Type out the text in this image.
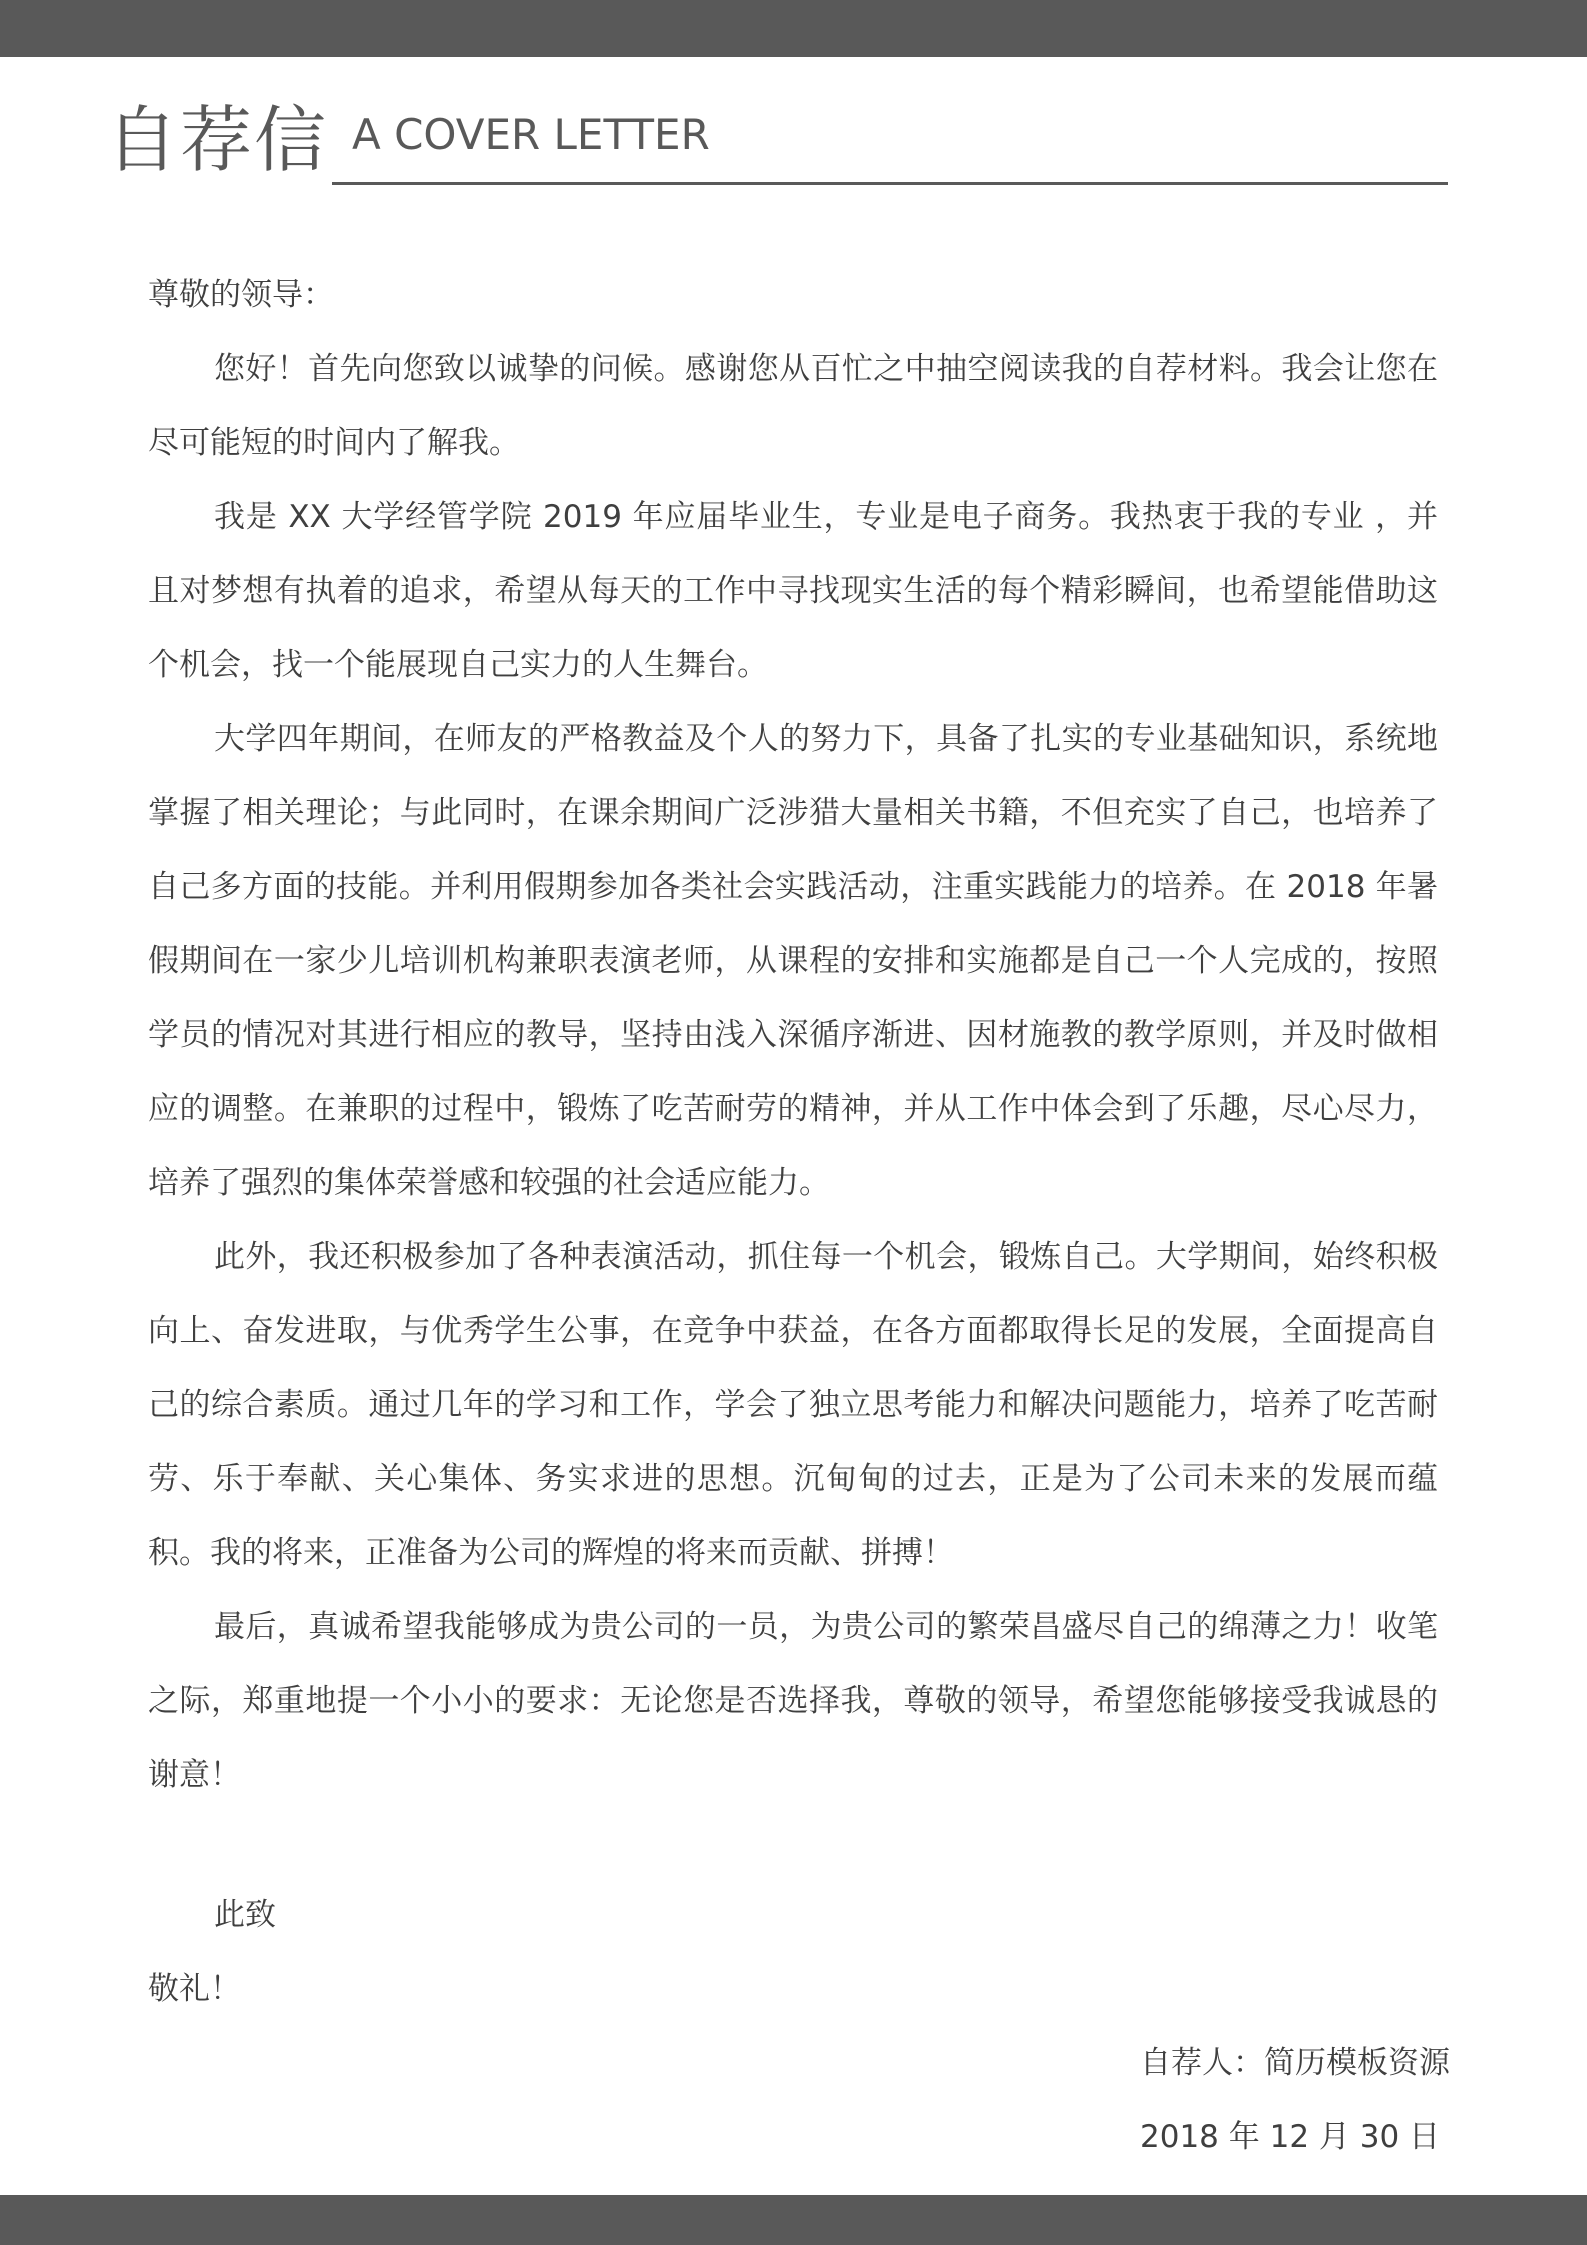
自荐信 A COVER LETTER

尊敬的领导：

您好！首先向您致以诚挚的问候。感谢您从百忙之中抽空阅读我的自荐材料。我会让您在尽可能短的时间内了解我。

我是 XX 大学经管学院 2019 年应届毕业生，专业是电子商务。我热衷于我的专业 ，并且对梦想有执着的追求，希望从每天的工作中寻找现实生活的每个精彩瞬间，也希望能借助这个机会，找一个能展现自己实力的人生舞台。

大学四年期间，在师友的严格教益及个人的努力下，具备了扎实的专业基础知识，系统地掌握了相关理论；与此同时，在课余期间广泛涉猎大量相关书籍，不但充实了自己，也培养了自己多方面的技能。并利用假期参加各类社会实践活动，注重实践能力的培养。在 2018 年暑假期间在一家少儿培训机构兼职表演老师，从课程的安排和实施都是自己一个人完成的，按照学员的情况对其进行相应的教导，坚持由浅入深循序渐进、因材施教的教学原则，并及时做相应的调整。在兼职的过程中，锻炼了吃苦耐劳的精神，并从工作中体会到了乐趣，尽心尽力，培养了强烈的集体荣誉感和较强的社会适应能力。

此外，我还积极参加了各种表演活动，抓住每一个机会，锻炼自己。大学期间，始终积极向上、奋发进取，与优秀学生公事，在竞争中获益，在各方面都取得长足的发展，全面提高自己的综合素质。通过几年的学习和工作，学会了独立思考能力和解决问题能力，培养了吃苦耐劳、乐于奉献、关心集体、务实求进的思想。沉甸甸的过去，正是为了公司未来的发展而蕴积。我的将来，正准备为公司的辉煌的将来而贡献、拼搏！

最后，真诚希望我能够成为贵公司的一员，为贵公司的繁荣昌盛尽自己的绵薄之力！收笔之际，郑重地提一个小小的要求：无论您是否选择我，尊敬的领导，希望您能够接受我诚恳的谢意！

此致

敬礼！

自荐人：简历模板资源

2018 年 12 月 30 日
